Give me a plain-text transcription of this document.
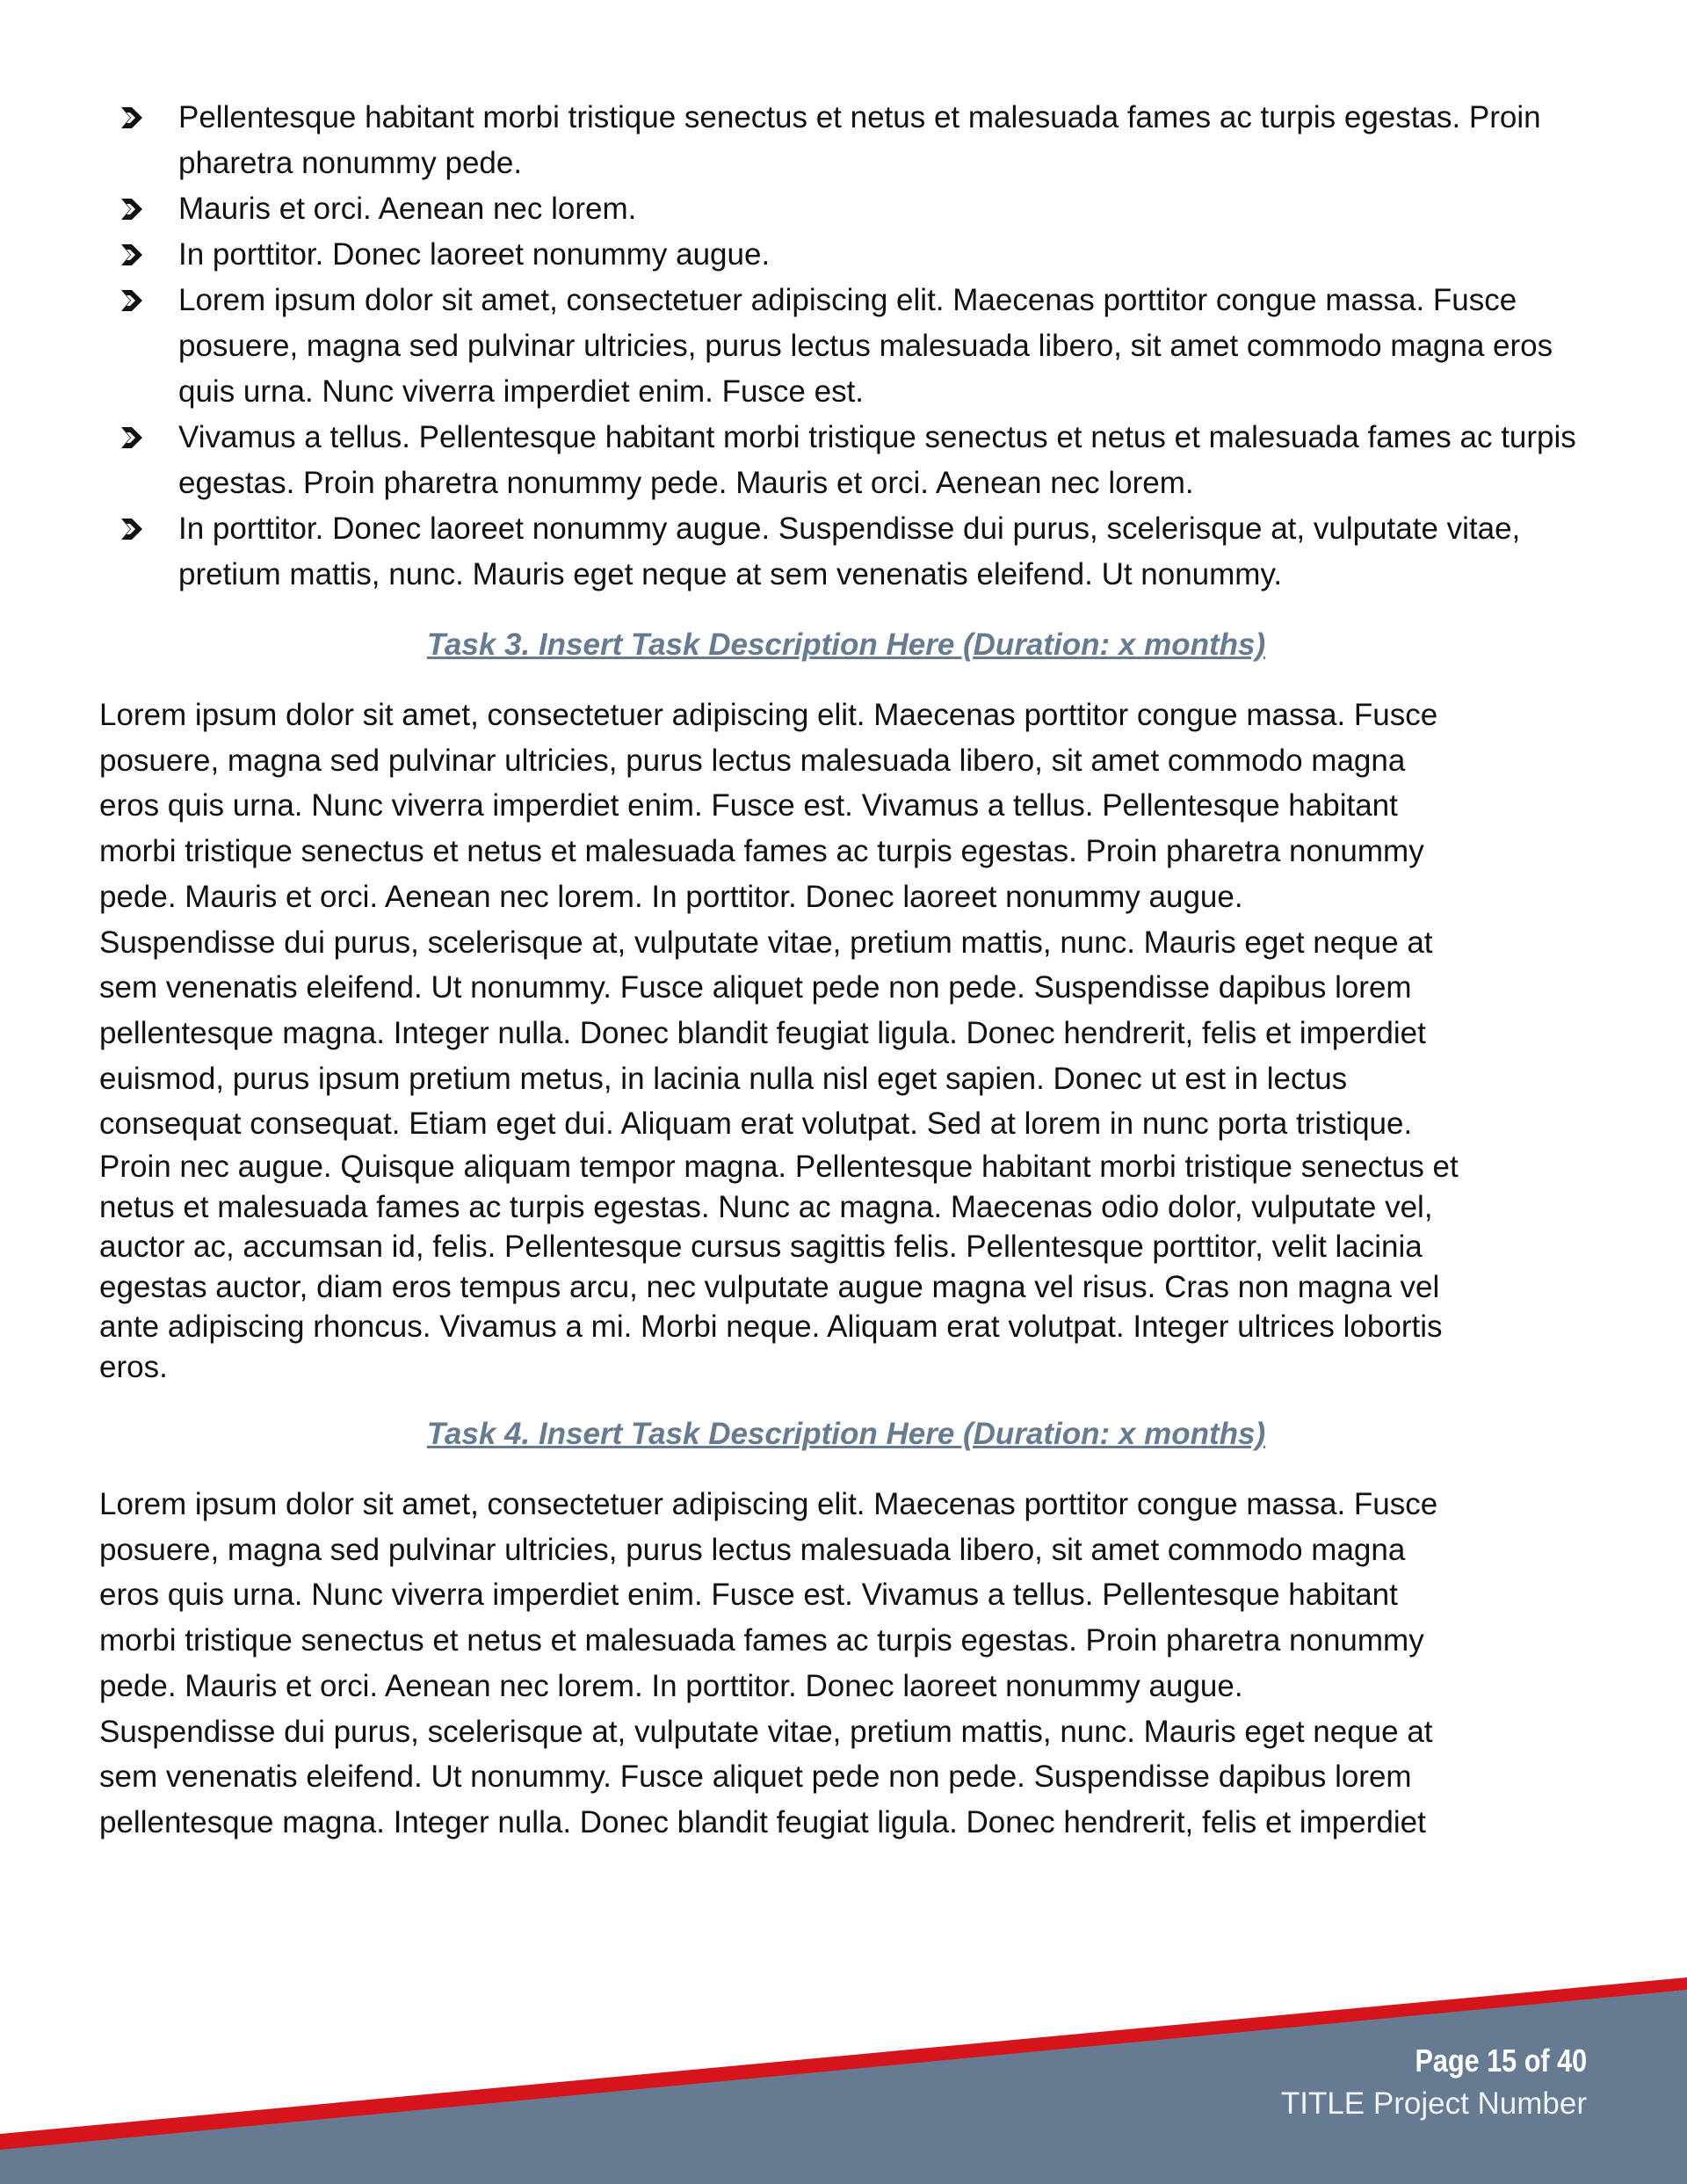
Pellentesque habitant morbi tristique senectus et netus et malesuada fames ac turpis egestas. Proin pharetra nonummy pede.
Mauris et orci. Aenean nec lorem.
In porttitor. Donec laoreet nonummy augue.
Lorem ipsum dolor sit amet, consectetuer adipiscing elit. Maecenas porttitor congue massa. Fusce posuere, magna sed pulvinar ultricies, purus lectus malesuada libero, sit amet commodo magna eros quis urna. Nunc viverra imperdiet enim. Fusce est.
Vivamus a tellus. Pellentesque habitant morbi tristique senectus et netus et malesuada fames ac turpis egestas. Proin pharetra nonummy pede. Mauris et orci. Aenean nec lorem.
In porttitor. Donec laoreet nonummy augue. Suspendisse dui purus, scelerisque at, vulputate vitae, pretium mattis, nunc. Mauris eget neque at sem venenatis eleifend. Ut nonummy.
Task 3. Insert Task Description Here (Duration: x months)
Lorem ipsum dolor sit amet, consectetuer adipiscing elit. Maecenas porttitor congue massa. Fusce
posuere, magna sed pulvinar ultricies, purus lectus malesuada libero, sit amet commodo magna
eros quis urna. Nunc viverra imperdiet enim. Fusce est. Vivamus a tellus. Pellentesque habitant
morbi tristique senectus et netus et malesuada fames ac turpis egestas. Proin pharetra nonummy
pede. Mauris et orci. Aenean nec lorem. In porttitor. Donec laoreet nonummy augue.
Suspendisse dui purus, scelerisque at, vulputate vitae, pretium mattis, nunc. Mauris eget neque at
sem venenatis eleifend. Ut nonummy. Fusce aliquet pede non pede. Suspendisse dapibus lorem
pellentesque magna. Integer nulla. Donec blandit feugiat ligula. Donec hendrerit, felis et imperdiet
euismod, purus ipsum pretium metus, in lacinia nulla nisl eget sapien. Donec ut est in lectus
consequat consequat. Etiam eget dui. Aliquam erat volutpat. Sed at lorem in nunc porta tristique.
Proin nec augue. Quisque aliquam tempor magna. Pellentesque habitant morbi tristique senectus et
netus et malesuada fames ac turpis egestas. Nunc ac magna. Maecenas odio dolor, vulputate vel,
auctor ac, accumsan id, felis. Pellentesque cursus sagittis felis. Pellentesque porttitor, velit lacinia
egestas auctor, diam eros tempus arcu, nec vulputate augue magna vel risus. Cras non magna vel
ante adipiscing rhoncus. Vivamus a mi. Morbi neque. Aliquam erat volutpat. Integer ultrices lobortis
eros.
Task 4. Insert Task Description Here (Duration: x months)
Lorem ipsum dolor sit amet, consectetuer adipiscing elit. Maecenas porttitor congue massa. Fusce
posuere, magna sed pulvinar ultricies, purus lectus malesuada libero, sit amet commodo magna
eros quis urna. Nunc viverra imperdiet enim. Fusce est. Vivamus a tellus. Pellentesque habitant
morbi tristique senectus et netus et malesuada fames ac turpis egestas. Proin pharetra nonummy
pede. Mauris et orci. Aenean nec lorem. In porttitor. Donec laoreet nonummy augue.
Suspendisse dui purus, scelerisque at, vulputate vitae, pretium mattis, nunc. Mauris eget neque at
sem venenatis eleifend. Ut nonummy. Fusce aliquet pede non pede. Suspendisse dapibus lorem
pellentesque magna. Integer nulla. Donec blandit feugiat ligula. Donec hendrerit, felis et imperdiet
Page 15 of 40
TITLE Project Number
